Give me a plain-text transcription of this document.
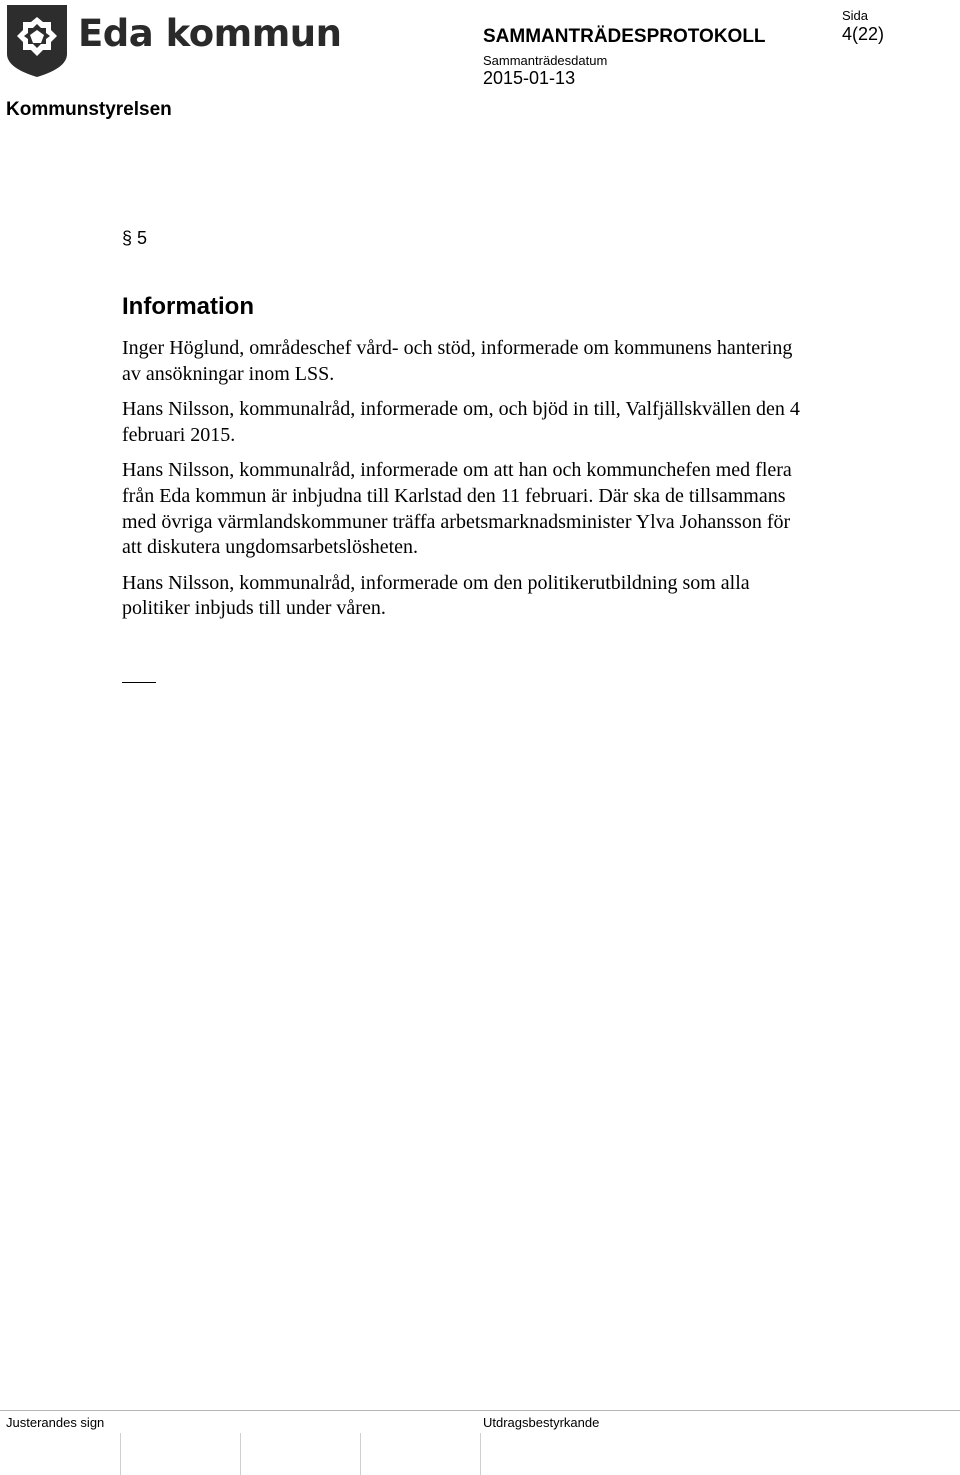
Eda kommun
Kommunstyrelsen
SAMMANTRÄDESPROTOKOLL
Sammanträdesdatum
2015-01-13
Sida
4(22)
§ 5
Information

Inger Höglund, områdeschef vård- och stöd, informerade om kommunens hantering av ansökningar inom LSS.

Hans Nilsson, kommunalråd, informerade om, och bjöd in till, Valfjällskvällen den 4 februari 2015.

Hans Nilsson, kommunalråd, informerade om att han och kommunchefen med flera från Eda kommun är inbjudna till Karlstad den 11 februari. Där ska de tillsammans med övriga värmlandskommuner träffa arbetsmarknadsminister Ylva Johansson för att diskutera ungdomsarbetslösheten.

Hans Nilsson, kommunalråd, informerade om den politikerutbildning som alla politiker inbjuds till under våren.

Justerandes sign	Utdragsbestyrkande
